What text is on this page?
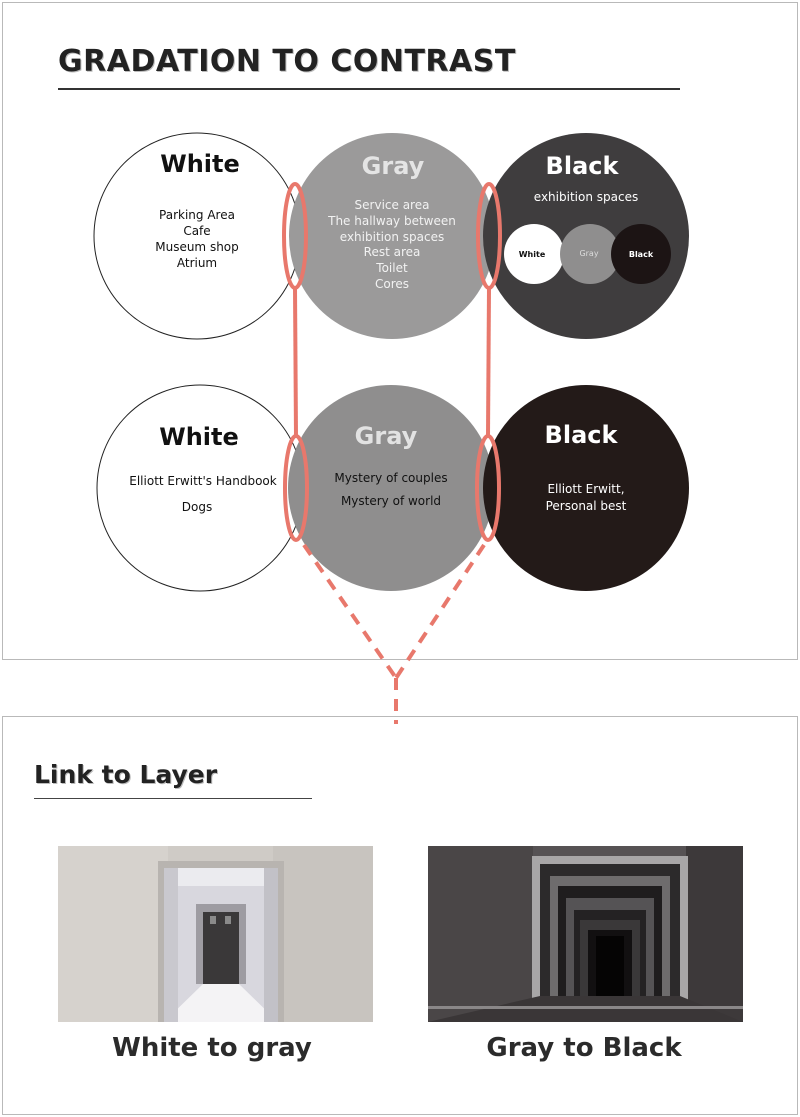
GRADATION TO CONTRAST
White
Parking Area
Cafe
Museum shop
Atrium
Gray
Service area
The hallway between
exhibition spaces
Rest area
Toilet
Cores
Black
exhibition spaces
White	Gray	Black
White
Elliott Erwitt's Handbook
Dogs
Gray
Mystery of couples
Mystery of world
Black
Elliott Erwitt,
Personal best
Link to Layer
White to gray	Gray to Black
